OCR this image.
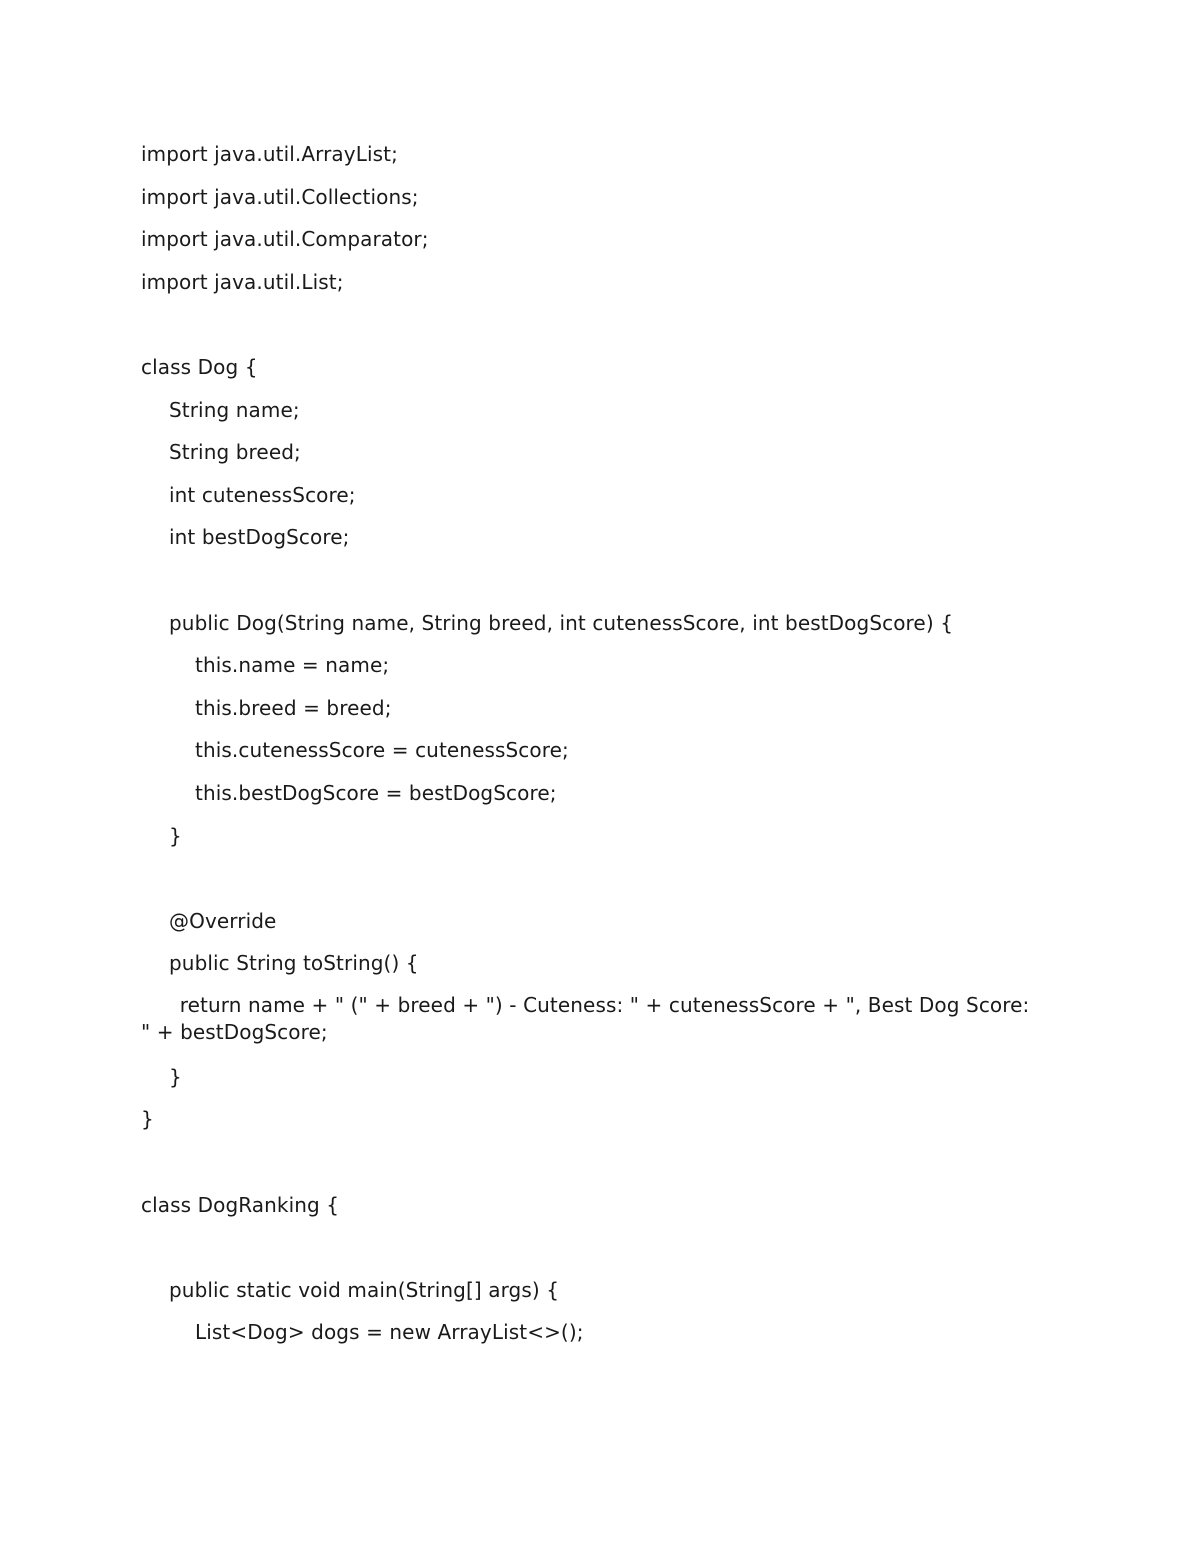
import java.util.ArrayList;
import java.util.Collections;
import java.util.Comparator;
import java.util.List;
class Dog {
String name;
String breed;
int cutenessScore;
int bestDogScore;
public Dog(String name, String breed, int cutenessScore, int bestDogScore) {
this.name = name;
this.breed = breed;
this.cutenessScore = cutenessScore;
this.bestDogScore = bestDogScore;
}
@Override
public String toString() {
return name + " (" + breed + ") - Cuteness: " + cutenessScore + ", Best Dog Score: " + bestDogScore;
}
}
class DogRanking {
public static void main(String[] args) {
List<Dog> dogs = new ArrayList<>();
